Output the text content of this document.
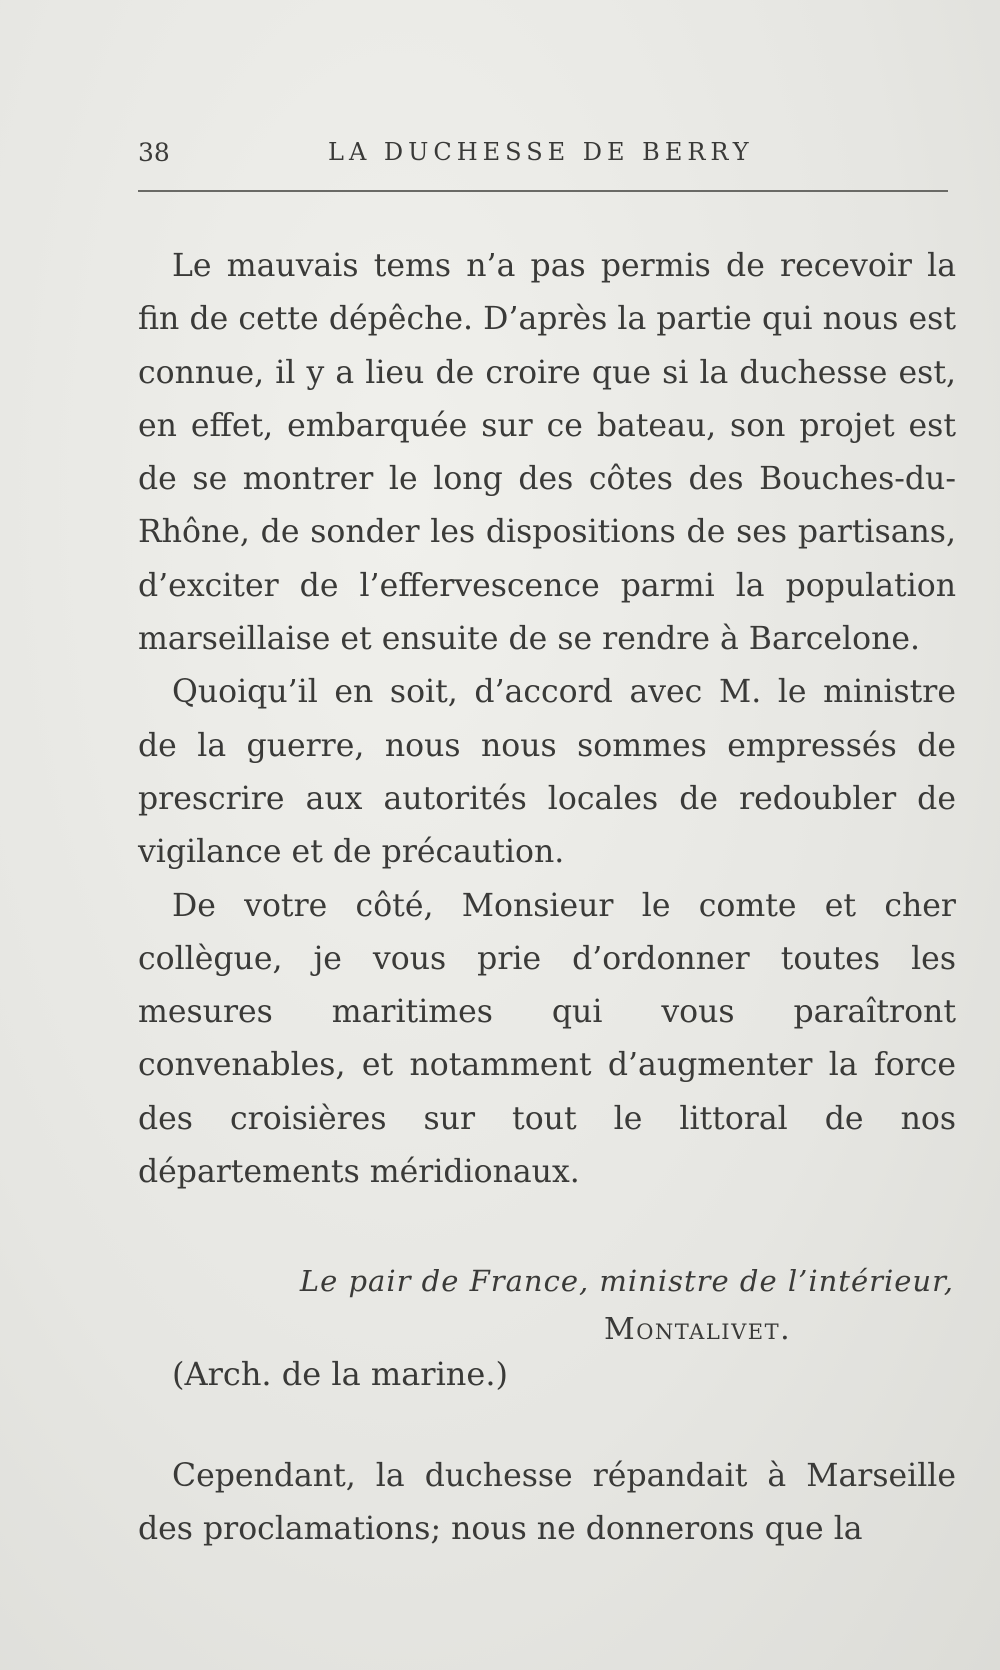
38	LA DUCHESSE DE BERRY

Le mauvais tems n’a pas permis de recevoir la fin de cette dépêche. D’après la partie qui nous est connue, il y a lieu de croire que si la duchesse est, en effet, embarquée sur ce bateau, son projet est de se montrer le long des côtes des Bouches-du-Rhône, de sonder les dispositions de ses partisans, d’exciter de l’effervescence parmi la population marseillaise et ensuite de se rendre à Barcelone.

Quoiqu’il en soit, d’accord avec M. le ministre de la guerre, nous nous sommes empressés de prescrire aux autorités locales de redoubler de vigilance et de précaution.

De votre côté, Monsieur le comte et cher collègue, je vous prie d’ordonner toutes les mesures maritimes qui vous paraîtront convenables, et notamment d’augmenter la force des croisières sur tout le littoral de nos départements méridionaux.

Le pair de France, ministre de l’intérieur,
Montalivet.
(Arch. de la marine.)

Cependant, la duchesse répandait à Marseille des proclamations; nous ne donnerons que la
